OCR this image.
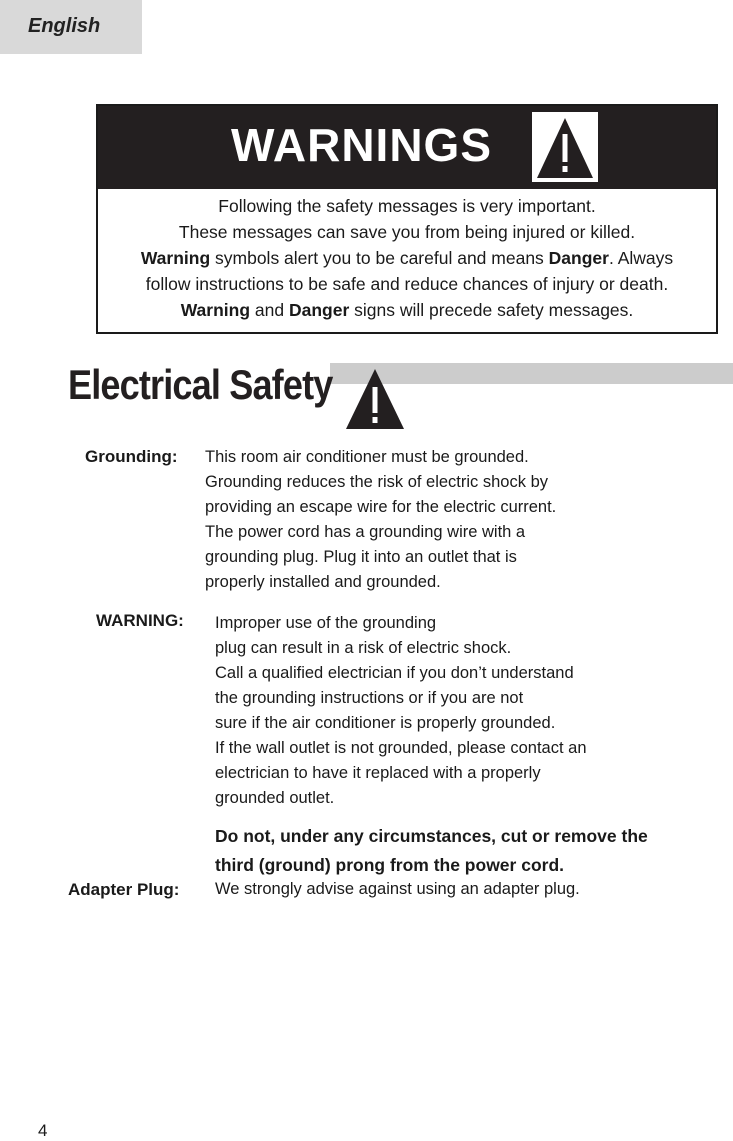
English
WARNINGS

Following the safety messages is very important.

These messages can save you from being injured or killed.

Warning symbols alert you to be careful and means Danger. Always

follow instructions to be safe and reduce chances of injury or death.

Warning and Danger signs will precede safety messages.

Electrical Safety
Grounding: This room air conditioner must be grounded.

Grounding reduces the risk of electric shock by

providing an escape wire for the electric current.

The power cord has a grounding wire with a

grounding plug. Plug it into an outlet that is

properly installed and grounded.

WARNING: Improper use of the grounding

plug can result in a risk of electric shock.

Call a qualified electrician if you don’t understand

the grounding instructions or if you are not

sure if the air conditioner is properly grounded.

If the wall outlet is not grounded, please contact an

electrician to have it replaced with a properly

grounded outlet.

Do not, under any circumstances, cut or remove the

third (ground) prong from the power cord.

Adapter Plug: We strongly advise against using an adapter plug.

4
